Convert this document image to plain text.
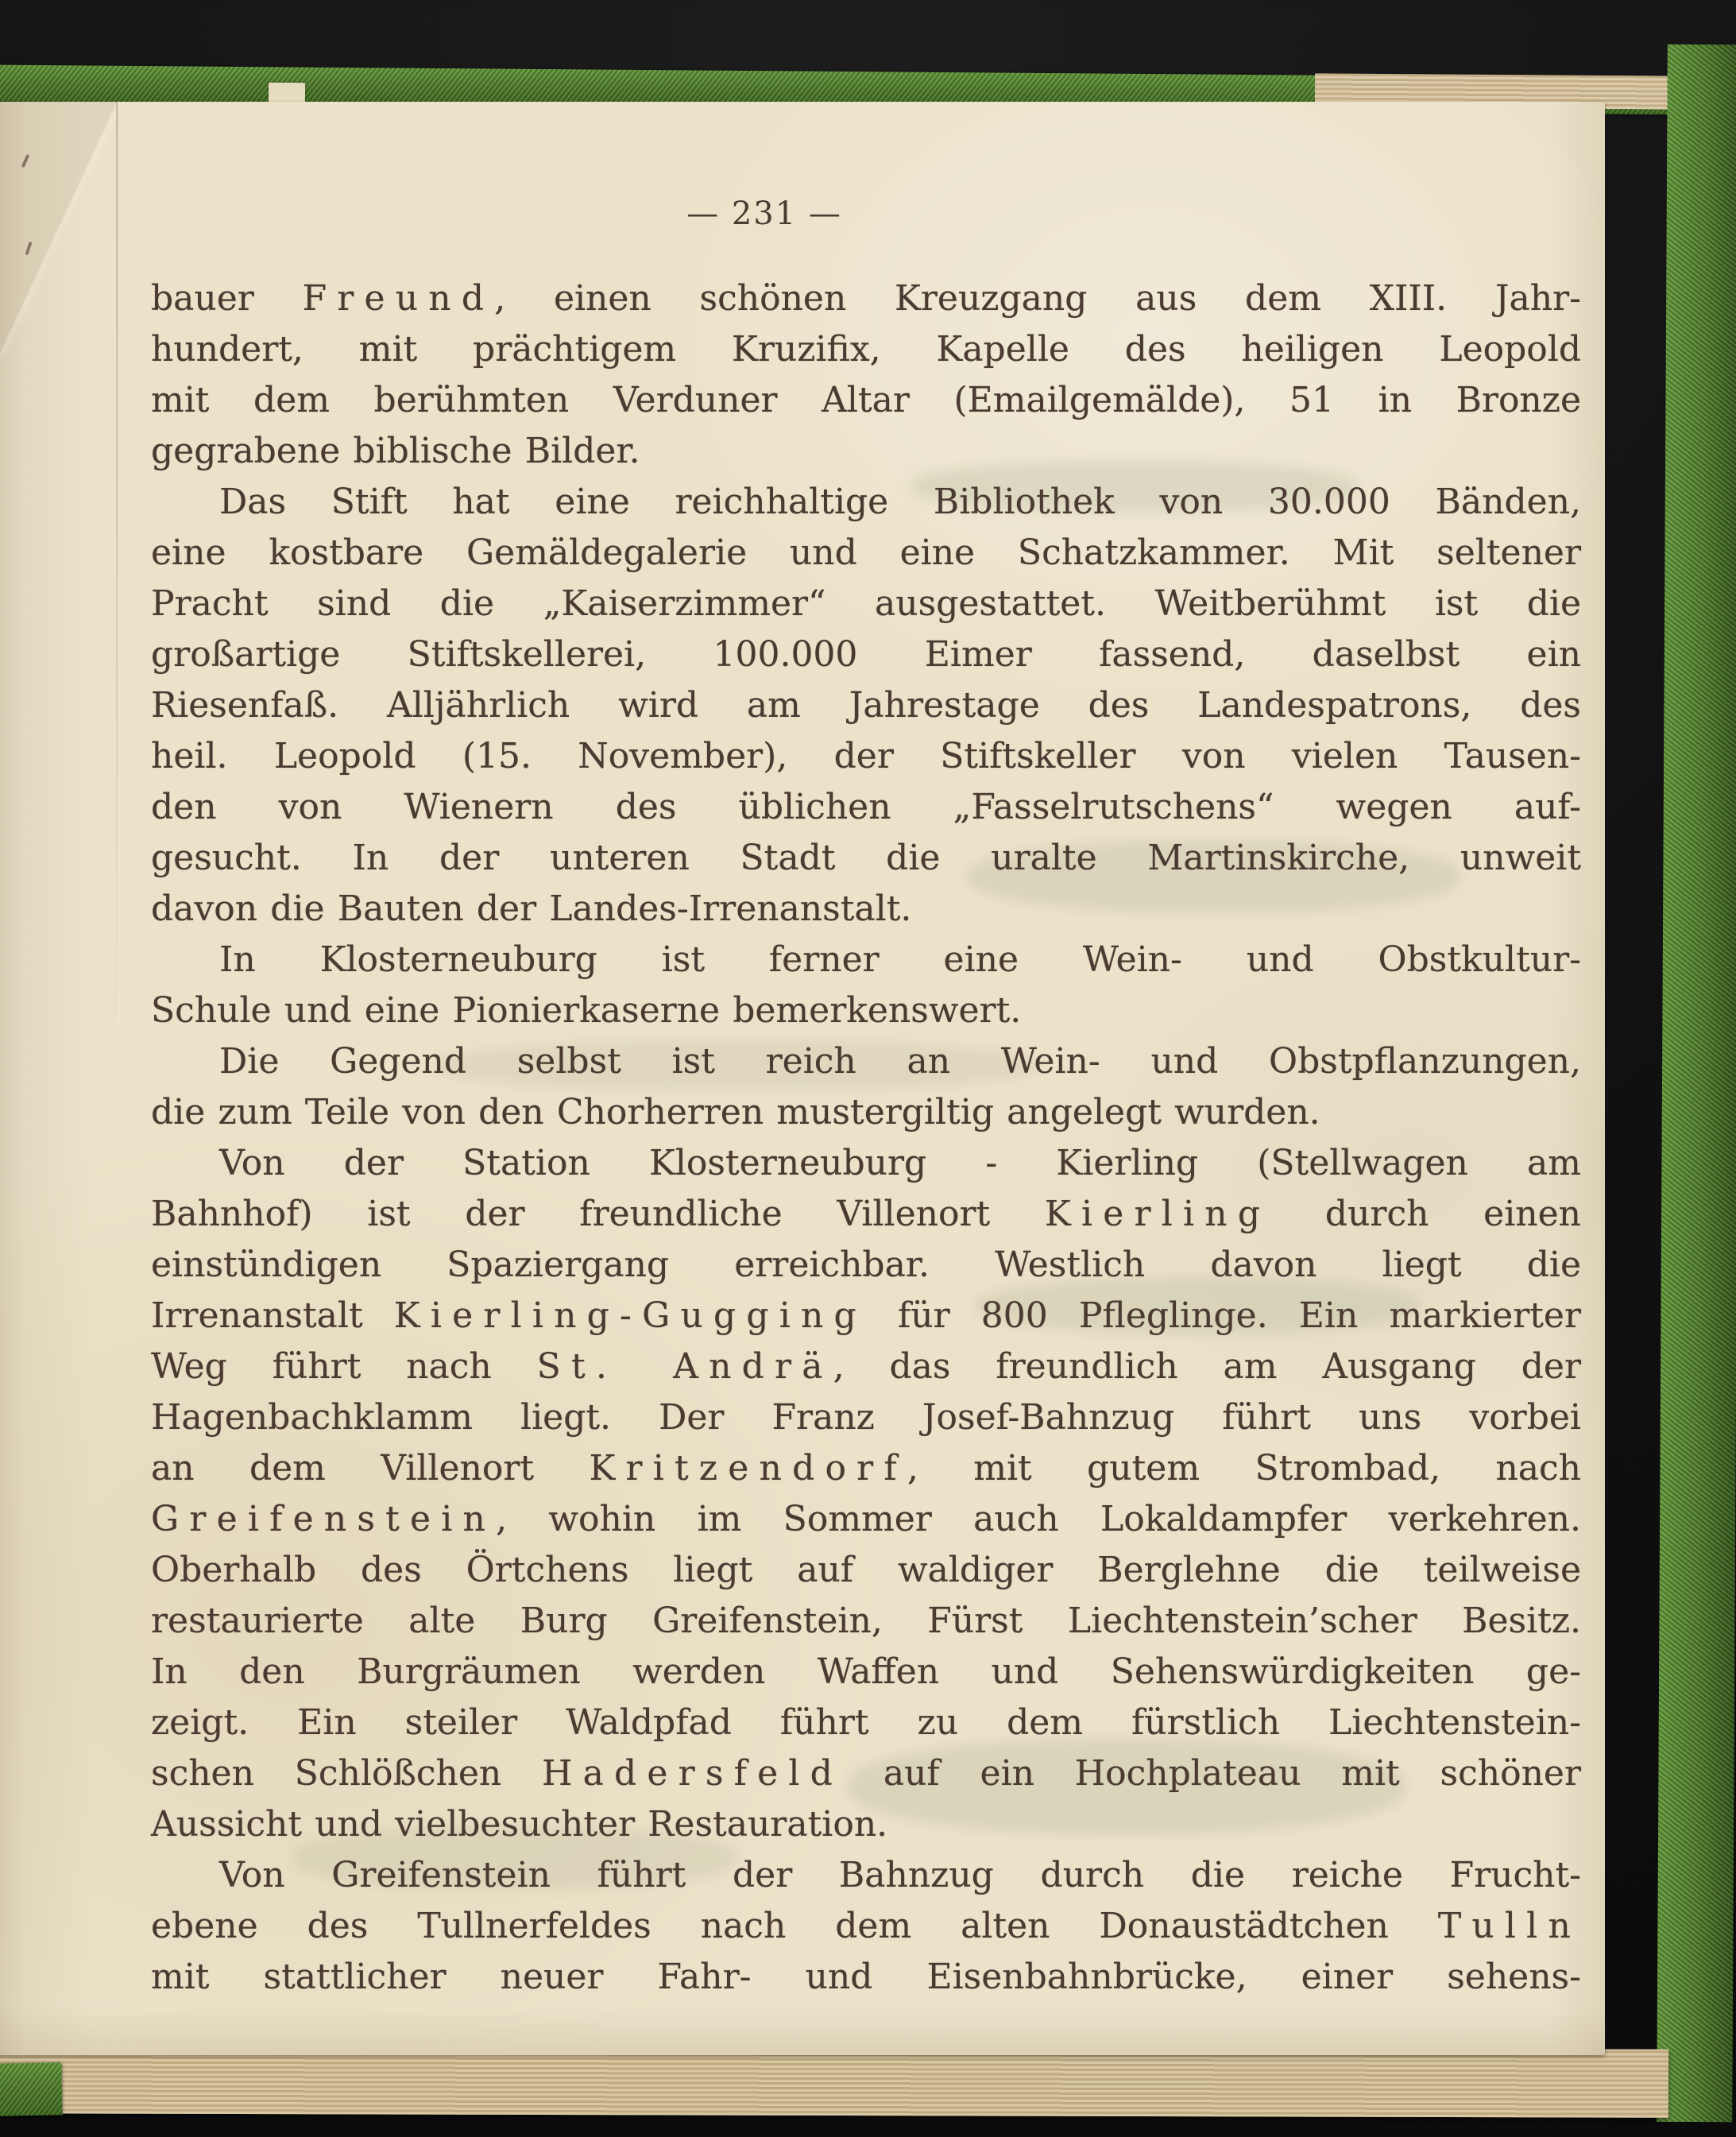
— 231 —
bauer Freund, einen schönen Kreuzgang aus dem XIII. Jahr-
hundert, mit prächtigem Kruzifix, Kapelle des heiligen Leopold
mit dem berühmten Verduner Altar (Emailgemälde), 51 in Bronze
gegrabene biblische Bilder.
Das Stift hat eine reichhaltige Bibliothek von 30.000 Bänden,
eine kostbare Gemäldegalerie und eine Schatzkammer. Mit seltener
Pracht sind die „Kaiserzimmer“ ausgestattet. Weitberühmt ist die
großartige Stiftskellerei, 100.000 Eimer fassend, daselbst ein
Riesenfaß. Alljährlich wird am Jahrestage des Landespatrons, des
heil. Leopold (15. November), der Stiftskeller von vielen Tausen-
den von Wienern des üblichen „Fasselrutschens“ wegen auf-
gesucht. In der unteren Stadt die uralte Martinskirche, unweit
davon die Bauten der Landes-Irrenanstalt.
In Klosterneuburg ist ferner eine Wein- und Obstkultur-
Schule und eine Pionierkaserne bemerkenswert.
Die Gegend selbst ist reich an Wein- und Obstpflanzungen,
die zum Teile von den Chorherren mustergiltig angelegt wurden.
Von der Station Klosterneuburg - Kierling (Stellwagen am
Bahnhof) ist der freundliche Villenort Kierling durch einen
einstündigen Spaziergang erreichbar. Westlich davon liegt die
Irrenanstalt Kierling-Gugging für 800 Pfleglinge. Ein markierter
Weg führt nach St. Andrä, das freundlich am Ausgang der
Hagenbachklamm liegt. Der Franz Josef-Bahnzug führt uns vorbei
an dem Villenort Kritzendorf, mit gutem Strombad, nach
Greifenstein, wohin im Sommer auch Lokaldampfer verkehren.
Oberhalb des Örtchens liegt auf waldiger Berglehne die teilweise
restaurierte alte Burg Greifenstein, Fürst Liechtenstein’scher Besitz.
In den Burgräumen werden Waffen und Sehenswürdigkeiten ge-
zeigt. Ein steiler Waldpfad führt zu dem fürstlich Liechtenstein-
schen Schlößchen Hadersfeld auf ein Hochplateau mit schöner
Aussicht und vielbesuchter Restauration.
Von Greifenstein führt der Bahnzug durch die reiche Frucht-
ebene des Tullnerfeldes nach dem alten Donaustädtchen Tulln
mit stattlicher neuer Fahr- und Eisenbahnbrücke, einer sehens-
